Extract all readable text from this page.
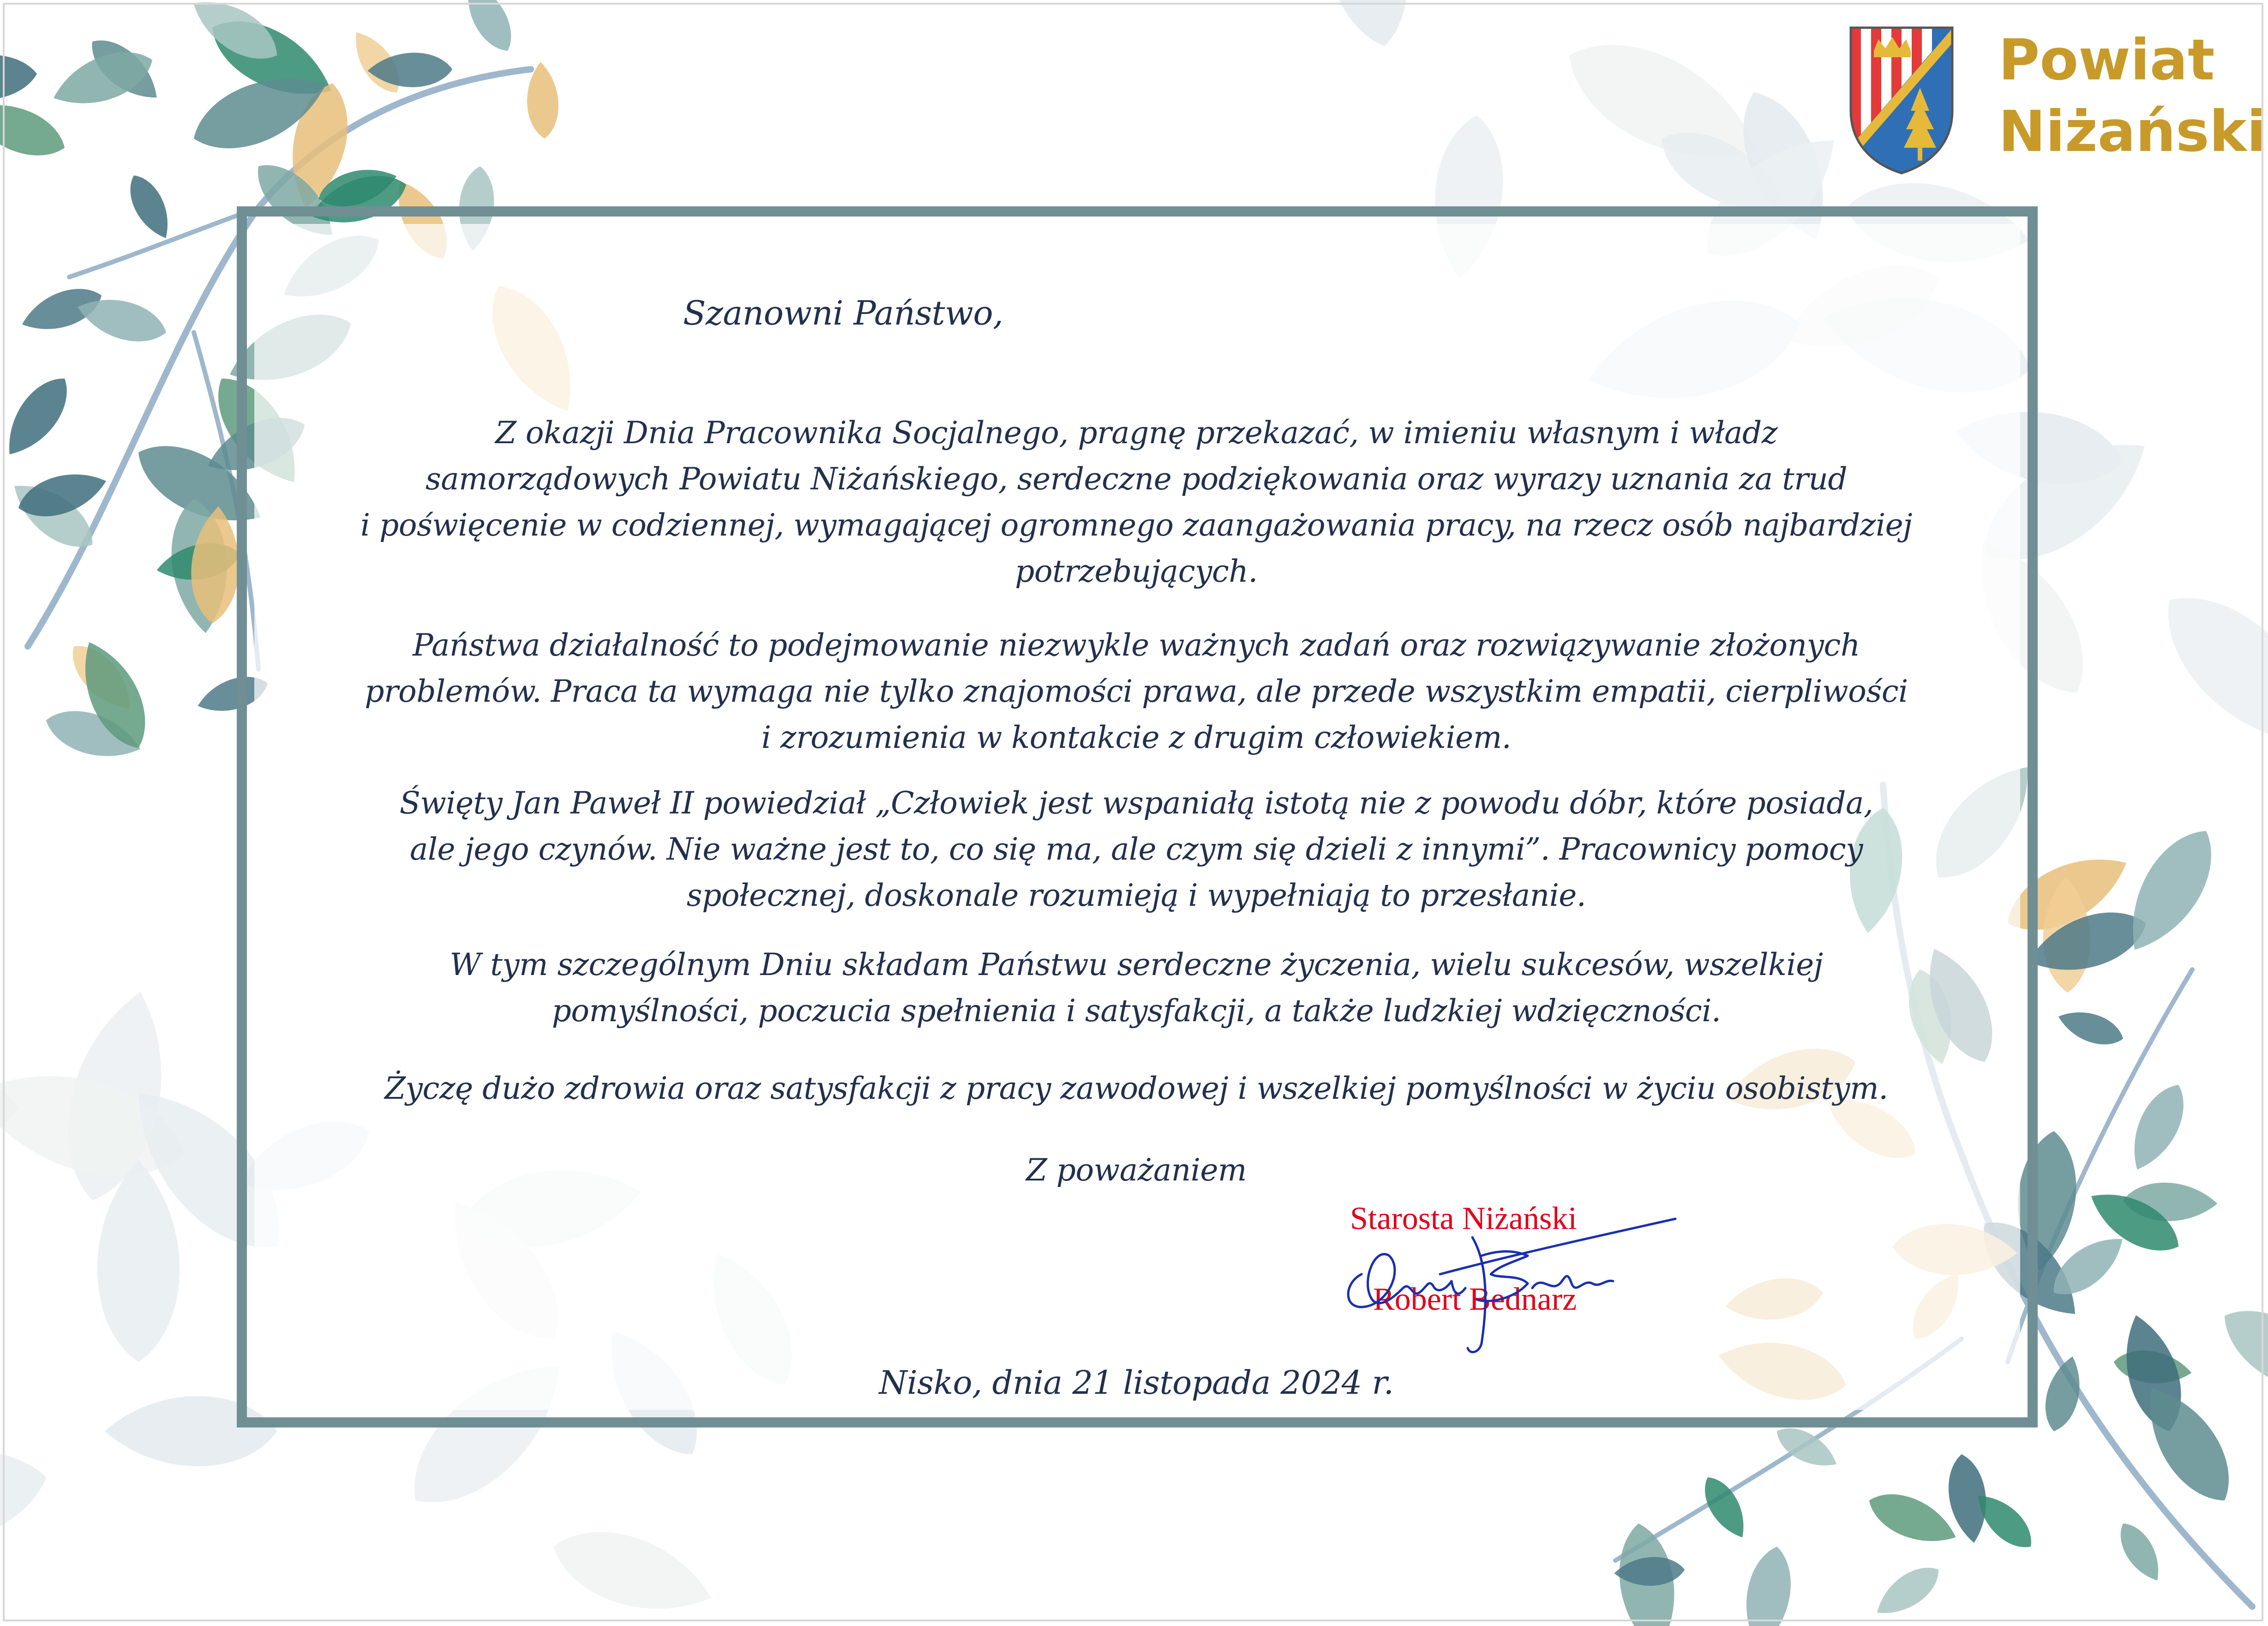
Powiat
Niżański
Szanowni Państwo,
Z okazji Dnia Pracownika Socjalnego, pragnę przekazać, w imieniu własnym i władz
samorządowych Powiatu Niżańskiego, serdeczne podziękowania oraz wyrazy uznania za trud
i poświęcenie w codziennej, wymagającej ogromnego zaangażowania pracy, na rzecz osób najbardziej
potrzebujących.
Państwa działalność to podejmowanie niezwykle ważnych zadań oraz rozwiązywanie złożonych
problemów. Praca ta wymaga nie tylko znajomości prawa, ale przede wszystkim empatii, cierpliwości
i zrozumienia w kontakcie z drugim człowiekiem.
Święty Jan Paweł II powiedział „Człowiek jest wspaniałą istotą nie z powodu dóbr, które posiada,
ale jego czynów. Nie ważne jest to, co się ma, ale czym się dzieli z innymi”. Pracownicy pomocy
społecznej, doskonale rozumieją i wypełniają to przesłanie.
W tym szczególnym Dniu składam Państwu serdeczne życzenia, wielu sukcesów, wszelkiej
pomyślności, poczucia spełnienia i satysfakcji, a także ludzkiej wdzięczności.
Życzę dużo zdrowia oraz satysfakcji z pracy zawodowej i wszelkiej pomyślności w życiu osobistym.
Z poważaniem
Starosta Niżański
Robert Bednarz
Nisko, dnia 21 listopada 2024 r.
